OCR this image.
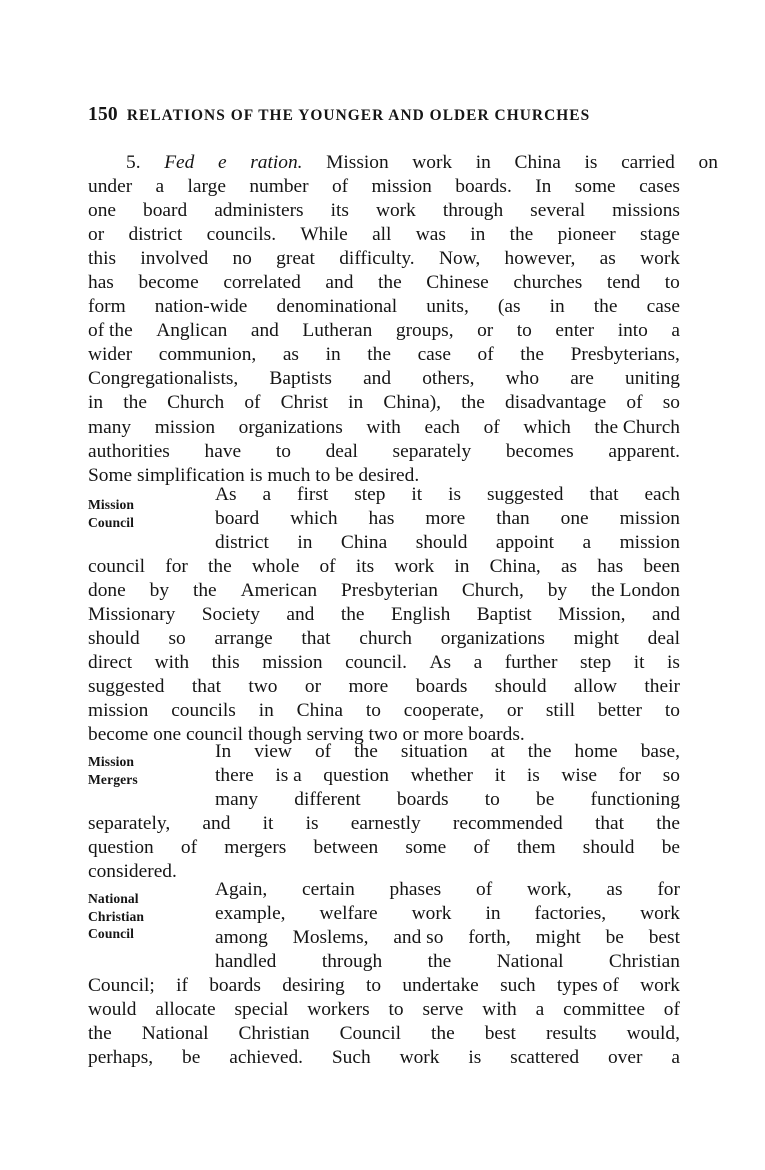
150 RELATIONS OF THE YOUNGER AND OLDER CHURCHES
5. Fed e ration. Mission work in China is carried on
under a large number of mission boards. In some cases
one board administers its work through several missions
or district councils. While all was in the pioneer stage
this involved no great difficulty. Now, however, as work
has become correlated and the Chinese churches tend to
form nation-wide denominational units, (as in the case
of the Anglican and Lutheran groups, or to enter into a
wider communion, as in the case of the Presbyterians,
Congregationalists, Baptists and others, who are uniting
in the Church of Christ in China), the disadvantage of so
many mission organizations with each of which the Church
authorities have to deal separately becomes apparent.
Some simplification is much to be desired.
Mission
Council
As a first step it is suggested that each
board which has more than one mission
district in China should appoint a mission
council for the whole of its work in China, as has been
done by the American Presbyterian Church, by the London
Missionary Society and the English Baptist Mission, and
should so arrange that church organizations might deal
direct with this mission council. As a further step it is
suggested that two or more boards should allow their
mission councils in China to cooperate, or still better to
become one council though serving two or more boards.
Mission
Mergers
In view of the situation at the home base,
there is a question whether it is wise for so
many different boards to be functioning
separately, and it is earnestly recommended that the
question of mergers between some of them should be
considered.
National
Christian
Council
Again, certain phases of work, as for
example, welfare work in factories, work
among Moslems, and so forth, might be best
handled through the National Christian
Council; if boards desiring to undertake such types of work
would allocate special workers to serve with a committee of
the National Christian Council the best results would,
perhaps, be achieved. Such work is scattered over a
